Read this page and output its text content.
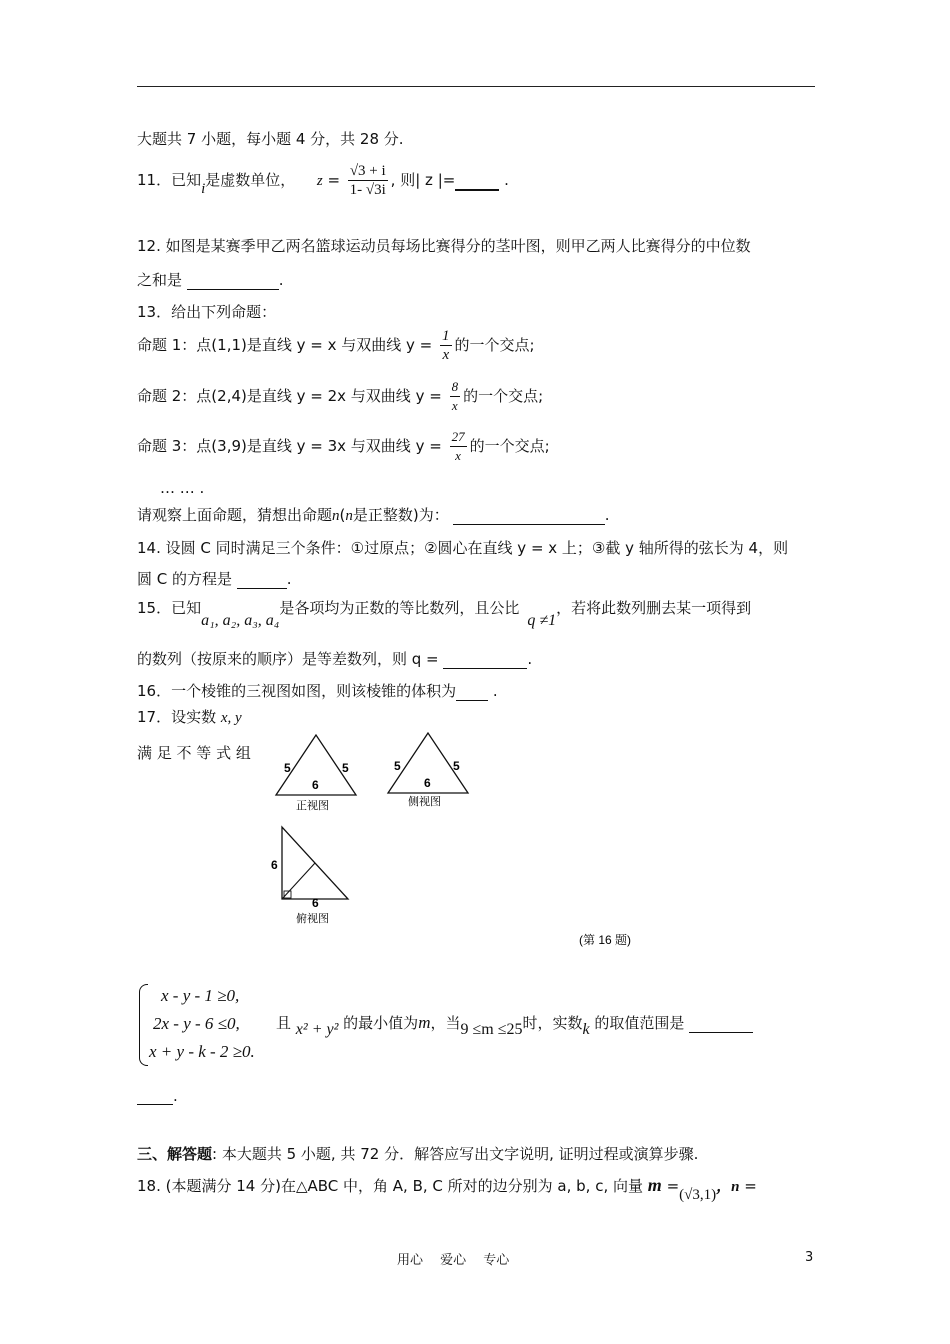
大题共 7 小题，每小题 4 分，共 28 分.
11．已知i是虚数单位， $z = \frac{√3 + i}{1- √3i}$ , 则| z |=	.
12. 如图是某赛季甲乙两名篮球运动员每场比赛得分的茎叶图，则甲乙两人比赛得分的中位数
之和是	.
13．给出下列命题：
命题 1：点(1,1)是直线 y = x 与双曲线 $y = \frac{1}{x}$ 的一个交点;
命题 2：点(2,4)是直线 y = 2x 与双曲线 $y = \frac{8}{x}$ 的一个交点;
命题 3：点(3,9)是直线 y = 3x 与双曲线 $y = \frac{27}{x}$ 的一个交点;
… … .
请观察上面命题，猜想出命题n(n是正整数)为：	.
14. 设圆 C 同时满足三个条件：①过原点；②圆心在直线 y = x 上；③截 y 轴所得的弦长为 4，则
圆 C 的方程是	.
15．已知a₁, a₂, a₃, a₄是各项均为正数的等比数列，且公比q ≠1，若将此数列删去某一项得到
的数列（按原来的顺序）是等差数列，则 q =	.
16．一个棱锥的三视图如图，则该棱锥的体积为 .
17．设实数 x, y
满 足 不 等 式 组
5	5
6
正视图
5	5
6
侧视图
6
6
俯视图
(第 16 题)
x - y - 1 ≥0,
2x - y - 6 ≤0,
x + y - k - 2 ≥0.
且 x² + y² 的最小值为m，当9 ≤m ≤25时，实数k 的取值范围是
.
三、解答题: 本大题共 5 小题, 共 72 分．解答应写出文字说明, 证明过程或演算步骤.
18. (本题满分 14 分)在△ABC 中，角 A, B, C 所对的边分别为 a, b, c, 向量 m =(√3,1)，n =
用心　 爱心　 专心	3
